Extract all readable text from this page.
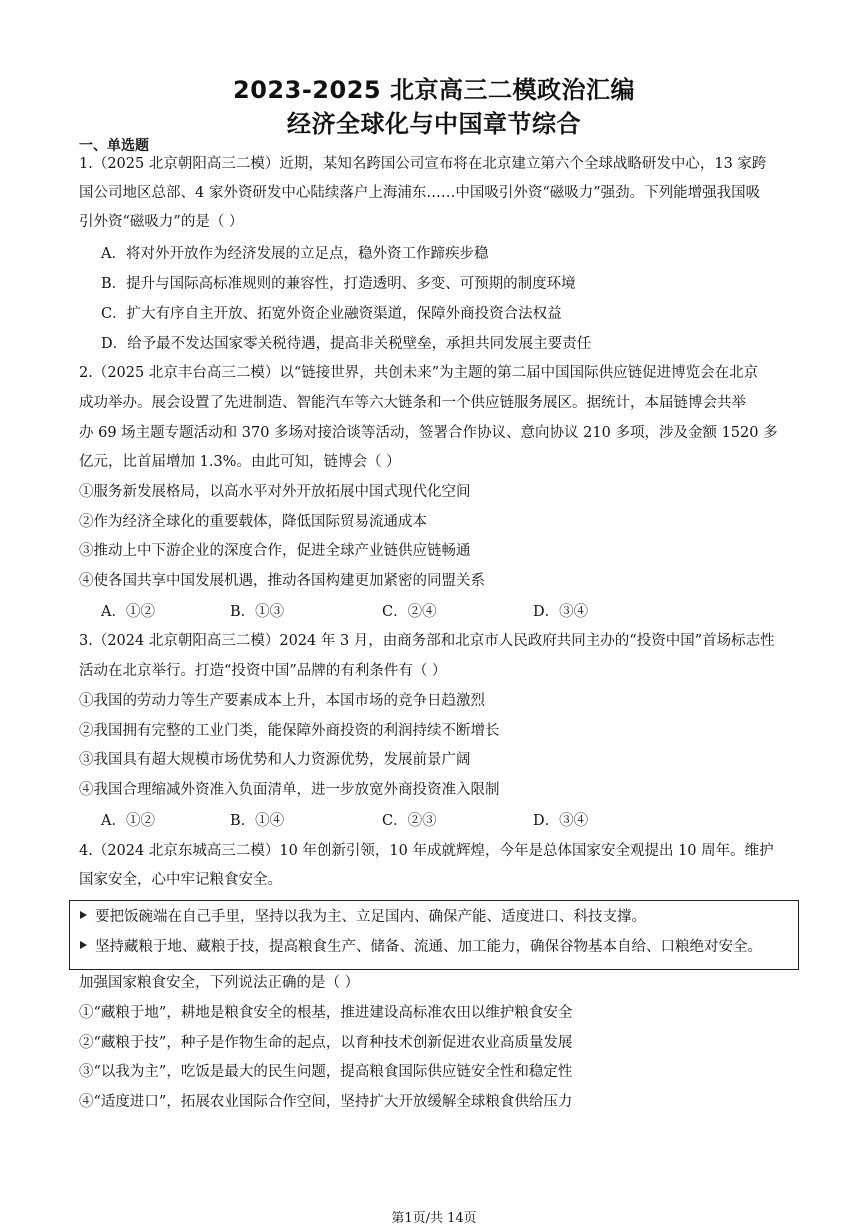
2023-2025 北京高三二模政治汇编
经济全球化与中国章节综合
一、单选题
1.（2025 北京朝阳高三二模）近期，某知名跨国公司宣布将在北京建立第六个全球战略研发中心，13 家跨
国公司地区总部、4 家外资研发中心陆续落户上海浦东……中国吸引外资“磁吸力”强劲。下列能增强我国吸
引外资“磁吸力”的是（ ）
A．将对外开放作为经济发展的立足点，稳外资工作蹄疾步稳
B．提升与国际高标准规则的兼容性，打造透明、多变、可预期的制度环境
C．扩大有序自主开放、拓宽外资企业融资渠道，保障外商投资合法权益
D．给予最不发达国家零关税待遇，提高非关税壁垒，承担共同发展主要责任
2.（2025 北京丰台高三二模）以“链接世界，共创未来”为主题的第二届中国国际供应链促进博览会在北京
成功举办。展会设置了先进制造、智能汽车等六大链条和一个供应链服务展区。据统计，本届链博会共举
办 69 场主题专题活动和 370 多场对接洽谈等活动，签署合作协议、意向协议 210 多项，涉及金额 1520 多
亿元，比首届增加 1.3%。由此可知，链博会（ ）
①服务新发展格局，以高水平对外开放拓展中国式现代化空间
②作为经济全球化的重要载体，降低国际贸易流通成本
③推动上中下游企业的深度合作，促进全球产业链供应链畅通
④使各国共享中国发展机遇，推动各国构建更加紧密的同盟关系
A．①②	B．①③	C．②④	D．③④
3.（2024 北京朝阳高三二模）2024 年 3 月，由商务部和北京市人民政府共同主办的“投资中国”首场标志性
活动在北京举行。打造“投资中国”品牌的有利条件有（ ）
①我国的劳动力等生产要素成本上升，本国市场的竞争日趋激烈
②我国拥有完整的工业门类，能保障外商投资的利润持续不断增长
③我国具有超大规模市场优势和人力资源优势，发展前景广阔
④我国合理缩减外资准入负面清单，进一步放宽外商投资准入限制
A．①②	B．①④	C．②③	D．③④
4.（2024 北京东城高三二模）10 年创新引领，10 年成就辉煌，今年是总体国家安全观提出 10 周年。维护
国家安全，心中牢记粮食安全。
要把饭碗端在自己手里，坚持以我为主、立足国内、确保产能、适度进口、科技支撑。
坚持藏粮于地、藏粮于技，提高粮食生产、储备、流通、加工能力，确保谷物基本自给、口粮绝对安全。
加强国家粮食安全，下列说法正确的是（ ）
①“藏粮于地”，耕地是粮食安全的根基，推进建设高标准农田以维护粮食安全
②“藏粮于技”，种子是作物生命的起点，以育种技术创新促进农业高质量发展
③“以我为主”，吃饭是最大的民生问题，提高粮食国际供应链安全性和稳定性
④“适度进口”，拓展农业国际合作空间，坚持扩大开放缓解全球粮食供给压力
第1页/共 14页
